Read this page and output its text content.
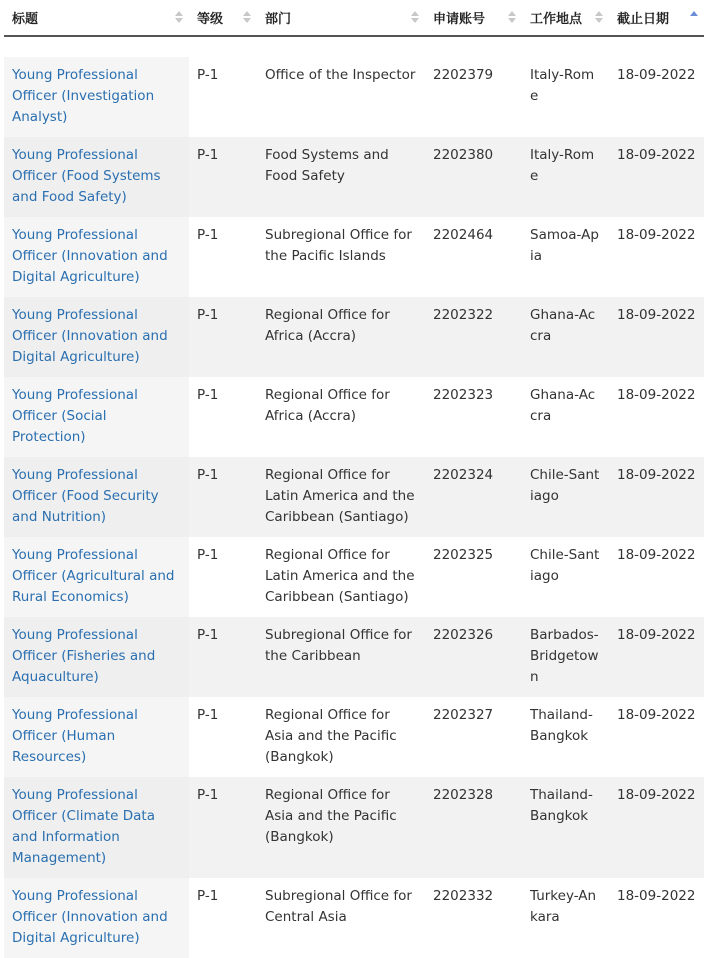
标题	等级	部门	申请账号	工作地点	截止日期

Young Professional Officer (Investigation Analyst)	P-1	Office of the Inspector	2202379	Italy-Rome	18-09-2022
Young Professional Officer (Food Systems and Food Safety)	P-1	Food Systems and Food Safety	2202380	Italy-Rome	18-09-2022
Young Professional Officer (Innovation and Digital Agriculture)	P-1	Subregional Office for the Pacific Islands	2202464	Samoa-Apia	18-09-2022
Young Professional Officer (Innovation and Digital Agriculture)	P-1	Regional Office for Africa (Accra)	2202322	Ghana-Accra	18-09-2022
Young Professional Officer (Social Protection)	P-1	Regional Office for Africa (Accra)	2202323	Ghana-Accra	18-09-2022
Young Professional Officer (Food Security and Nutrition)	P-1	Regional Office for Latin America and the Caribbean (Santiago)	2202324	Chile-Santiago	18-09-2022
Young Professional Officer (Agricultural and Rural Economics)	P-1	Regional Office for Latin America and the Caribbean (Santiago)	2202325	Chile-Santiago	18-09-2022
Young Professional Officer (Fisheries and Aquaculture)	P-1	Subregional Office for the Caribbean	2202326	Barbados-Bridgetown	18-09-2022
Young Professional Officer (Human Resources)	P-1	Regional Office for Asia and the Pacific (Bangkok)	2202327	Thailand-Bangkok	18-09-2022
Young Professional Officer (Climate Data and Information Management)	P-1	Regional Office for Asia and the Pacific (Bangkok)	2202328	Thailand-Bangkok	18-09-2022
Young Professional Officer (Innovation and Digital Agriculture)	P-1	Subregional Office for Central Asia	2202332	Turkey-Ankara	18-09-2022
